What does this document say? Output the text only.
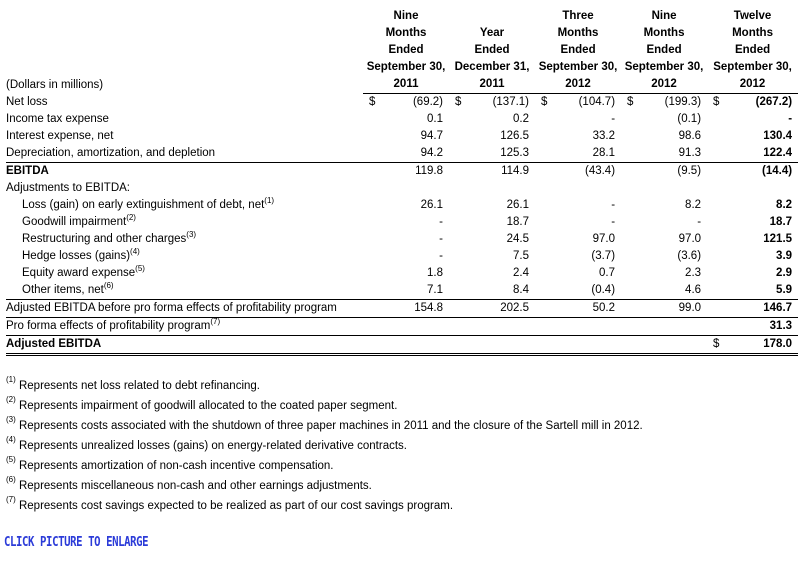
	Nine				Three		Nine		Twelve	
	Months		Year		Months		Months		Months	
	Ended		Ended		Ended		Ended		Ended	
	September 30,		December 31,		September 30,		September 30,		September 30,	
(Dollars in millions)	2011		2011		2012		2012		2012	
Net loss	$	(69.2)	$	(137.1)	$	(104.7)	$	(199.3)	$	(267.2)
Income tax expense		0.1		0.2		-		(0.1)		-
Interest expense, net		94.7		126.5		33.2		98.6		130.4
Depreciation, amortization, and depletion		94.2		125.3		28.1		91.3		122.4
EBITDA		119.8		114.9		(43.4)		(9.5)		(14.4)
Adjustments to EBITDA:										
Loss (gain) on early extinguishment of debt, net$^{(1)}$		26.1		26.1		-		8.2		8.2
Goodwill impairment$^{(2)}$		-		18.7		-		-		18.7
Restructuring and other charges$^{(3)}$		-		24.5		97.0		97.0		121.5
Hedge losses (gains)$^{(4)}$		-		7.5		(3.7)		(3.6)		3.9
Equity award expense$^{(5)}$		1.8		2.4		0.7		2.3		2.9
Other items, net$^{(6)}$		7.1		8.4		(0.4)		4.6		5.9
Adjusted EBITDA before pro forma effects of profitability program		154.8		202.5		50.2		99.0		146.7
Pro forma effects of profitability program$^{(7)}$										31.3
Adjusted EBITDA									$	178.0
$^{(1)}$ Represents net loss related to debt refinancing.
$^{(2)}$ Represents impairment of goodwill allocated to the coated paper segment.
$^{(3)}$ Represents costs associated with the shutdown of three paper machines in 2011 and the closure of the Sartell mill in 2012.
$^{(4)}$ Represents unrealized losses (gains) on energy-related derivative contracts.
$^{(5)}$ Represents amortization of non-cash incentive compensation.
$^{(6)}$ Represents miscellaneous non-cash and other earnings adjustments.
$^{(7)}$ Represents cost savings expected to be realized as part of our cost savings program.
CLICK PICTURE TO ENLARGE
